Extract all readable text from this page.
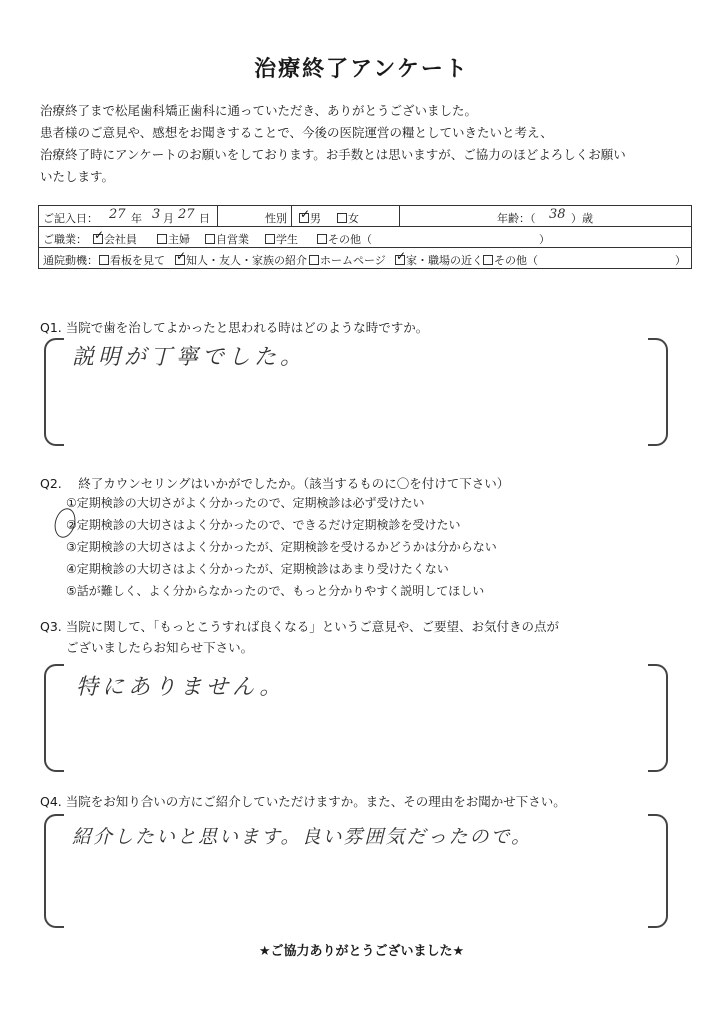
治療終了アンケート
治療終了まで松尾歯科矯正歯科に通っていただき、ありがとうございました。
患者様のご意見や、感想をお聞きすることで、今後の医院運営の糧としていきたいと考え、
治療終了時にアンケートのお願いをしております。お手数とは思いますが、ご協力のほどよろしくお願い
いたします。
ご記入日： 27 年 3 月 27 日	性別 ✓	男	女	年齢：（ 38 ）歳
ご職業： ✓	会社員	主婦	自営業	学生	その他（	）
通院動機：	看板を見て ✓	知人・友人・家族の紹介	ホームページ ✓	家・職場の近く	その他（	）
Q1. 当院で歯を治してよかったと思われる時はどのような時ですか。
説明が丁寧でした。
Q2.　 終了カウンセリングはいかがでしたか。（該当するものに〇を付けて下さい）
①定期検診の大切さがよく分かったので、定期検診は必ず受けたい
②定期検診の大切さはよく分かったので、できるだけ定期検診を受けたい
③定期検診の大切さはよく分かったが、定期検診を受けるかどうかは分からない
④定期検診の大切さはよく分かったが、定期検診はあまり受けたくない
⑤話が難しく、よく分からなかったので、もっと分かりやすく説明してほしい
Q3. 当院に関して、「もっとこうすれば良くなる」というご意見や、ご要望、お気付きの点が
ございましたらお知らせ下さい。
特にありません。
Q4. 当院をお知り合いの方にご紹介していただけますか。また、その理由をお聞かせ下さい。
紹介したいと思います。良い雰囲気だったので。
★ご協力ありがとうございました★
